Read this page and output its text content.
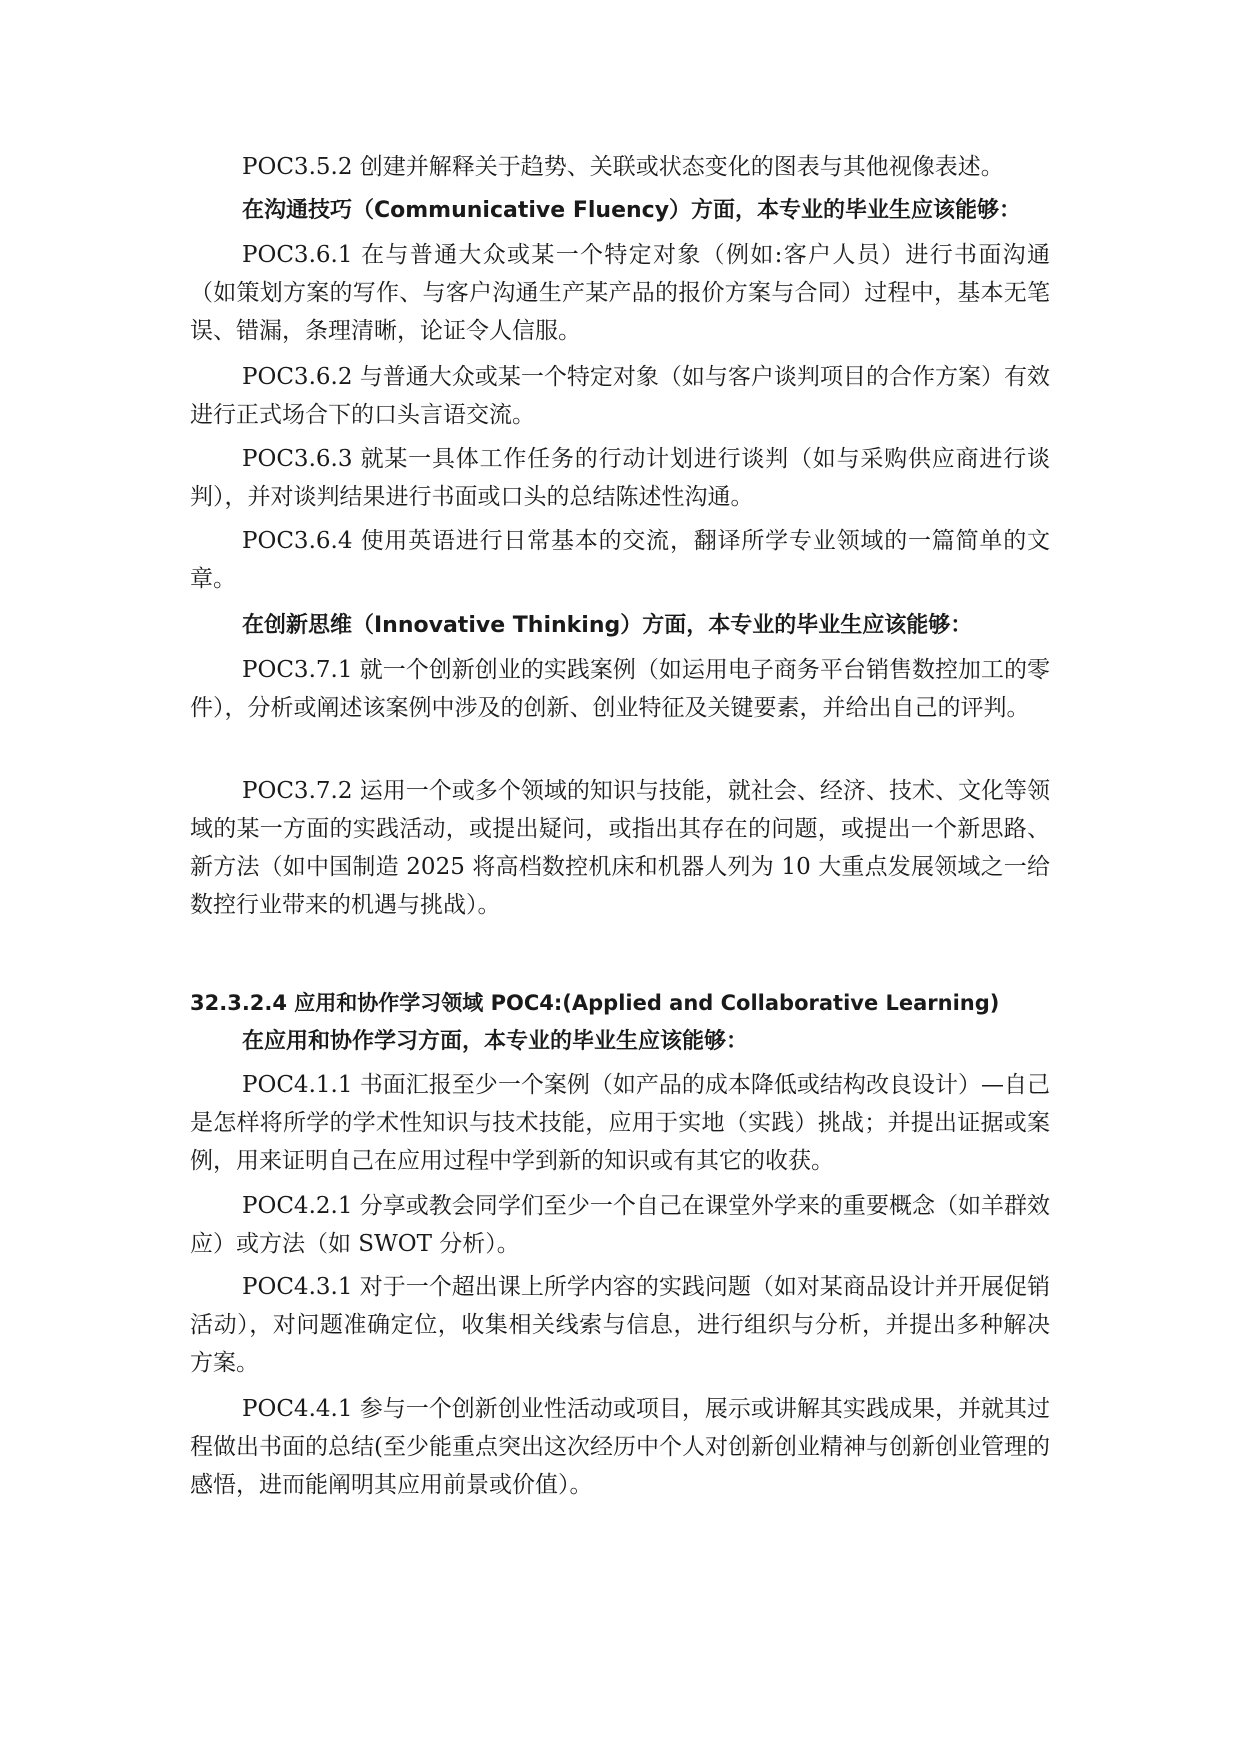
POC3.5.2 创建并解释关于趋势、关联或状态变化的图表与其他视像表述。

在沟通技巧（Communicative Fluency）方面，本专业的毕业生应该能够：

POC3.6.1 在与普通大众或某一个特定对象（例如:客户人员）进行书面沟通（如策划方案的写作、与客户沟通生产某产品的报价方案与合同）过程中，基本无笔误、错漏，条理清晰，论证令人信服。

POC3.6.2 与普通大众或某一个特定对象（如与客户谈判项目的合作方案）有效进行正式场合下的口头言语交流。

POC3.6.3 就某一具体工作任务的行动计划进行谈判（如与采购供应商进行谈判），并对谈判结果进行书面或口头的总结陈述性沟通。

POC3.6.4 使用英语进行日常基本的交流，翻译所学专业领域的一篇简单的文章。

在创新思维（Innovative Thinking）方面，本专业的毕业生应该能够：

POC3.7.1 就一个创新创业的实践案例（如运用电子商务平台销售数控加工的零件），分析或阐述该案例中涉及的创新、创业特征及关键要素，并给出自己的评判。

POC3.7.2 运用一个或多个领域的知识与技能，就社会、经济、技术、文化等领域的某一方面的实践活动，或提出疑问，或指出其存在的问题，或提出一个新思路、新方法（如中国制造 2025 将高档数控机床和机器人列为 10 大重点发展领域之一给数控行业带来的机遇与挑战）。

32.3.2.4 应用和协作学习领域 POC4:(Applied and Collaborative Learning)

在应用和协作学习方面，本专业的毕业生应该能够：

POC4.1.1 书面汇报至少一个案例（如产品的成本降低或结构改良设计）—自己是怎样将所学的学术性知识与技术技能，应用于实地（实践）挑战；并提出证据或案例，用来证明自己在应用过程中学到新的知识或有其它的收获。

POC4.2.1 分享或教会同学们至少一个自己在课堂外学来的重要概念（如羊群效应）或方法（如 SWOT 分析）。

POC4.3.1 对于一个超出课上所学内容的实践问题（如对某商品设计并开展促销活动），对问题准确定位，收集相关线索与信息，进行组织与分析，并提出多种解决方案。

POC4.4.1 参与一个创新创业性活动或项目，展示或讲解其实践成果，并就其过程做出书面的总结(至少能重点突出这次经历中个人对创新创业精神与创新创业管理的感悟，进而能阐明其应用前景或价值）。
